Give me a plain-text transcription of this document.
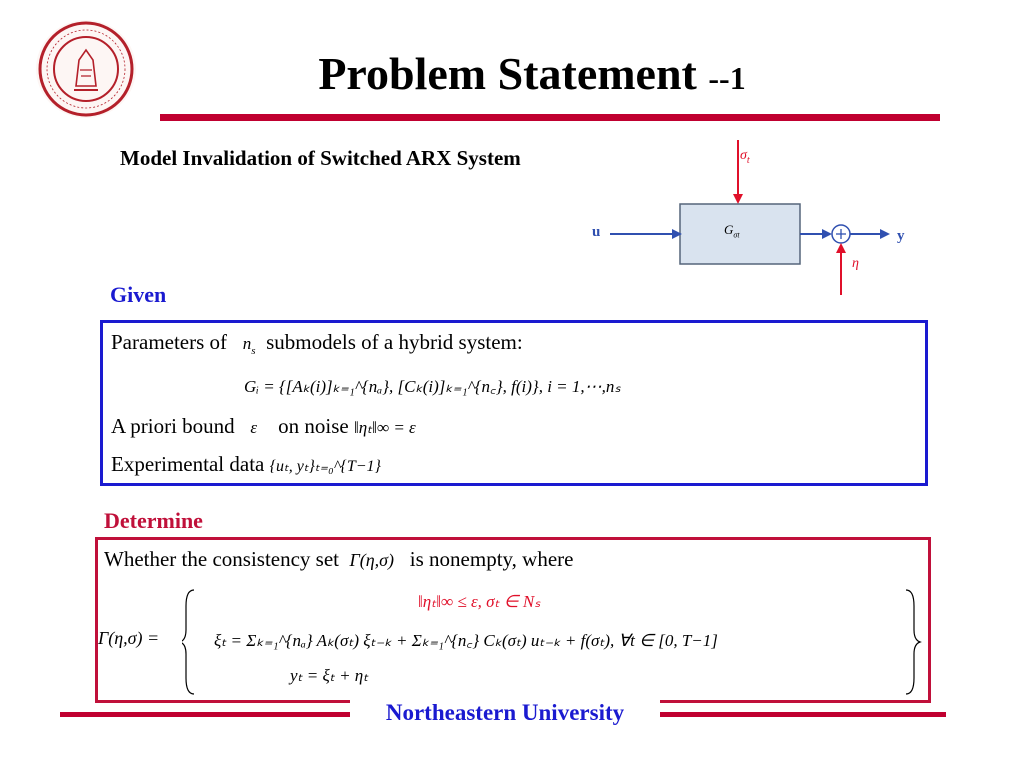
Problem Statement --1
Model Invalidation of Switched ARX System	$\sigma_t$
$G_{\sigma t}$
u	y
η
Given
Parameters of $n_s$ submodels of a hybrid system:
Gᵢ = {[Aₖ(i)]ₖ₌₁^{nₐ}, [Cₖ(i)]ₖ₌₁^{n꜀}, f(i)}, i = 1,⋯,nₛ
A priori bound ε on noise ‖ηₜ‖∞ = ε
Experimental data {uₜ, yₜ}ₜ₌₀^{T−1}
Determine
Whether the consistency set Γ(η,σ) is nonempty, where
Γ(η,σ) =
‖ηₜ‖∞ ≤ ε, σₜ ∈ Nₛ
ξₜ = Σₖ₌₁^{nₐ} Aₖ(σₜ) ξₜ₋ₖ + Σₖ₌₁^{n꜀} Cₖ(σₜ) uₜ₋ₖ + f(σₜ), ∀t ∈ [0, T−1]
yₜ = ξₜ + ηₜ
Northeastern University
